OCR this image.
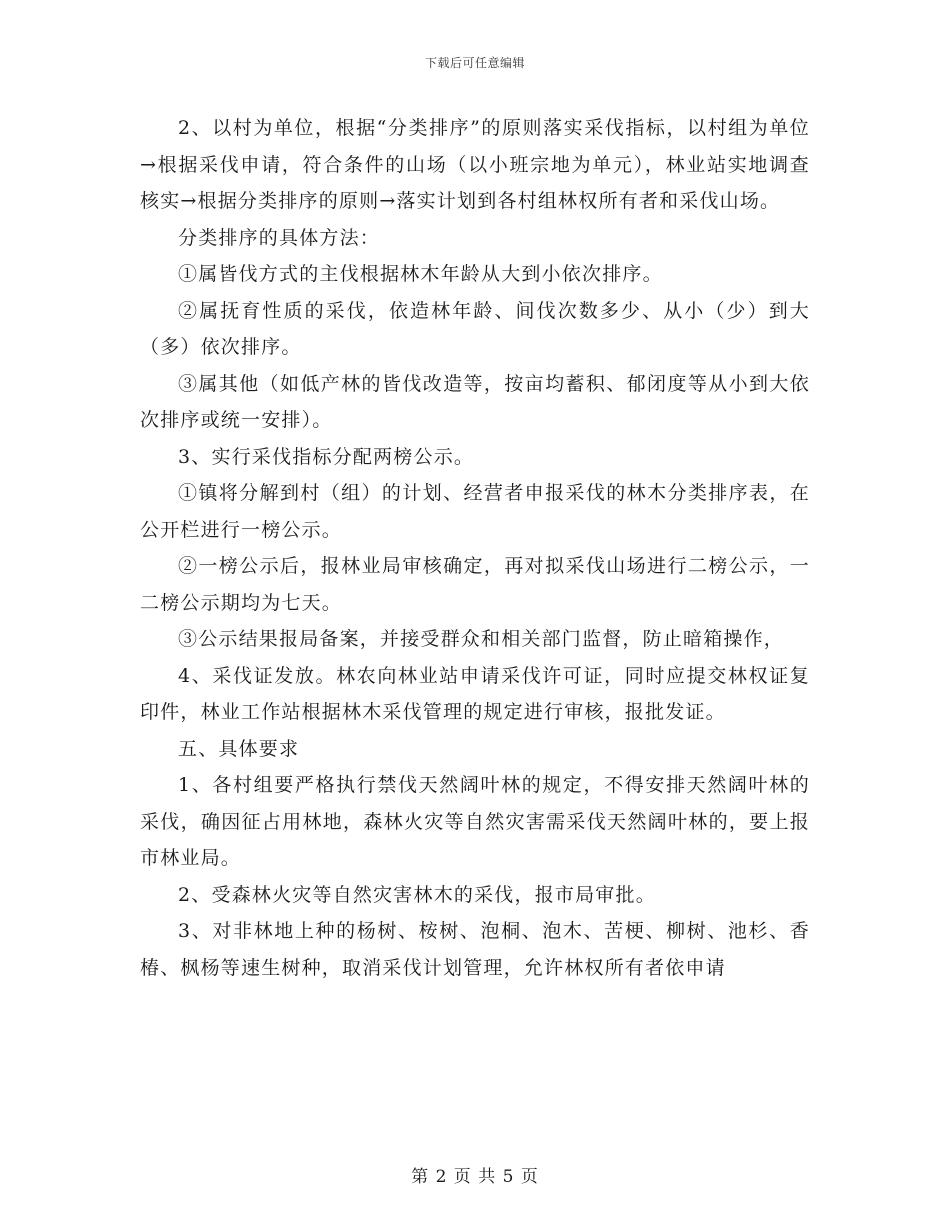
下载后可任意编辑

2、以村为单位，根据“分类排序”的原则落实采伐指标，以村组为单位→根据采伐申请，符合条件的山场（以小班宗地为单元），林业站实地调查核实→根据分类排序的原则→落实计划到各村组林权所有者和采伐山场。

分类排序的具体方法：

①属皆伐方式的主伐根据林木年龄从大到小依次排序。

②属抚育性质的采伐，依造林年龄、间伐次数多少、从小（少）到大（多）依次排序。

③属其他（如低产林的皆伐改造等，按亩均蓄积、郁闭度等从小到大依次排序或统一安排）。

3、实行采伐指标分配两榜公示。

①镇将分解到村（组）的计划、经营者申报采伐的林木分类排序表，在公开栏进行一榜公示。

②一榜公示后，报林业局审核确定，再对拟采伐山场进行二榜公示，一二榜公示期均为七天。

③公示结果报局备案，并接受群众和相关部门监督，防止暗箱操作，

4、采伐证发放。林农向林业站申请采伐许可证，同时应提交林权证复印件，林业工作站根据林木采伐管理的规定进行审核，报批发证。

五、具体要求

1、各村组要严格执行禁伐天然阔叶林的规定，不得安排天然阔叶林的采伐，确因征占用林地，森林火灾等自然灾害需采伐天然阔叶林的，要上报市林业局。

2、受森林火灾等自然灾害林木的采伐，报市局审批。

3、对非林地上种的杨树、桉树、泡桐、泡木、苦梗、柳树、池杉、香椿、枫杨等速生树种，取消采伐计划管理，允许林权所有者依申请

第 2 页 共 5 页
